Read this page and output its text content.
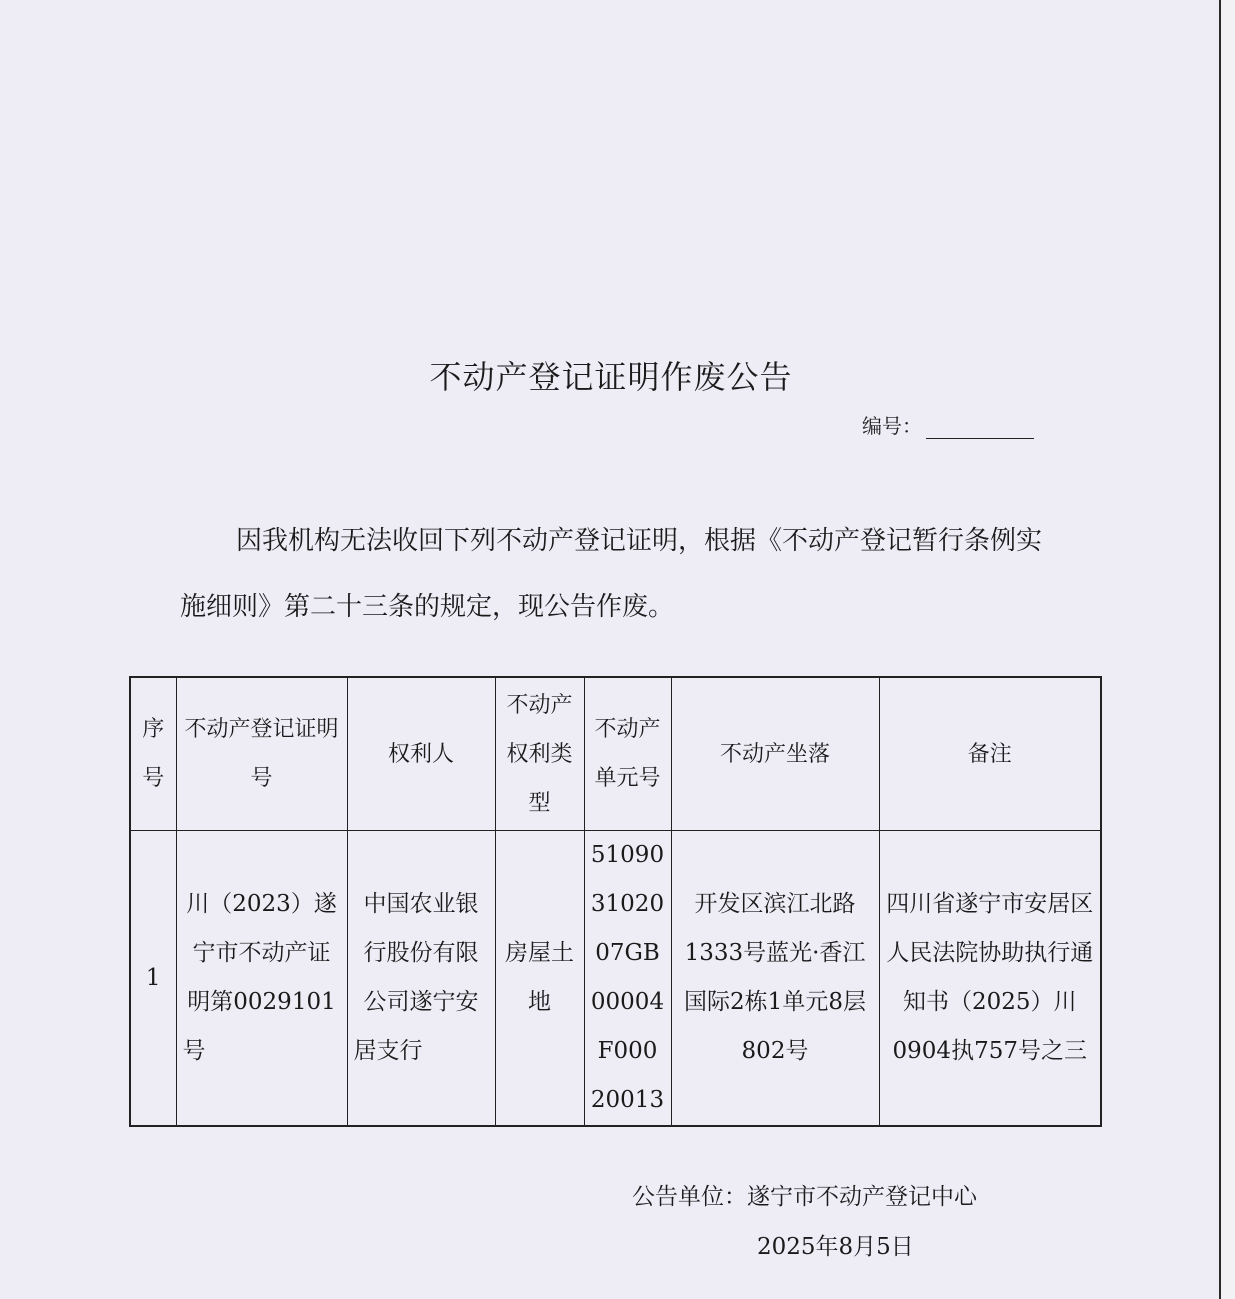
不动产登记证明作废公告
编号：
因我机构无法收回下列不动产登记证明，根据《不动产登记暂行条例实施细则》第二十三条的规定，现公告作废。
序号	不动产登记证明号	权利人	不动产权利类型	不动产单元号	不动产坐落	备注
1	川（2023）遂宁市不动产证明第0029101号	中国农业银行股份有限公司遂宁安居支行	房屋土地	510903102007GB00004F00020013	开发区滨江北路1333号蓝光·香江国际2栋1单元8层802号	四川省遂宁市安居区人民法院协助执行通知书（2025）川0904执757号之三
公告单位：遂宁市不动产登记中心
2025年8月5日
